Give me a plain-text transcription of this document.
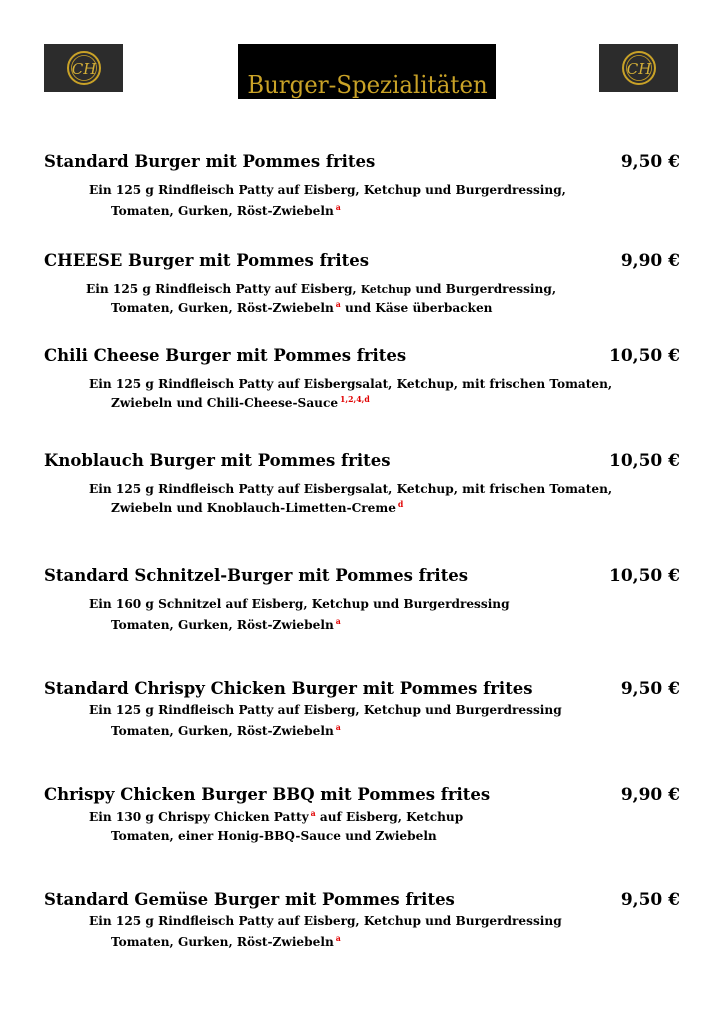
CH
Burger-Spezialitäten
CH
Standard Burger mit Pommes frites	9,50 €
Ein 125 g Rindfleisch Patty auf Eisberg, Ketchup und Burgerdressing,
Tomaten, Gurken, Röst-Zwiebeln $^a$
CHEESE Burger mit Pommes frites	9,90 €
Ein 125 g Rindfleisch Patty auf Eisberg, Ketchup und Burgerdressing,
Tomaten, Gurken, Röst-Zwiebeln $^a$ und Käse überbacken
Chili Cheese Burger mit Pommes frites	10,50 €
Ein 125 g Rindfleisch Patty auf Eisbergsalat, Ketchup, mit frischen Tomaten,
Zwiebeln und Chili-Cheese-Sauce $^{1,2,4,d}$
Knoblauch Burger mit Pommes frites	10,50 €
Ein 125 g Rindfleisch Patty auf Eisbergsalat, Ketchup, mit frischen Tomaten,
Zwiebeln und Knoblauch-Limetten-Creme $^d$
Standard Schnitzel-Burger mit Pommes frites	10,50 €
Ein 160 g Schnitzel auf Eisberg, Ketchup und Burgerdressing
Tomaten, Gurken, Röst-Zwiebeln $^a$
Standard Chrispy Chicken Burger mit Pommes frites	9,50 €
Ein 125 g Rindfleisch Patty auf Eisberg, Ketchup und Burgerdressing
Tomaten, Gurken, Röst-Zwiebeln $^a$
Chrispy Chicken Burger BBQ mit Pommes frites	9,90 €
Ein 130 g Chrispy Chicken Patty $^a$ auf Eisberg, Ketchup
Tomaten, einer Honig-BBQ-Sauce und Zwiebeln
Standard Gemüse Burger mit Pommes frites	9,50 €
Ein 125 g Rindfleisch Patty auf Eisberg, Ketchup und Burgerdressing
Tomaten, Gurken, Röst-Zwiebeln $^a$
